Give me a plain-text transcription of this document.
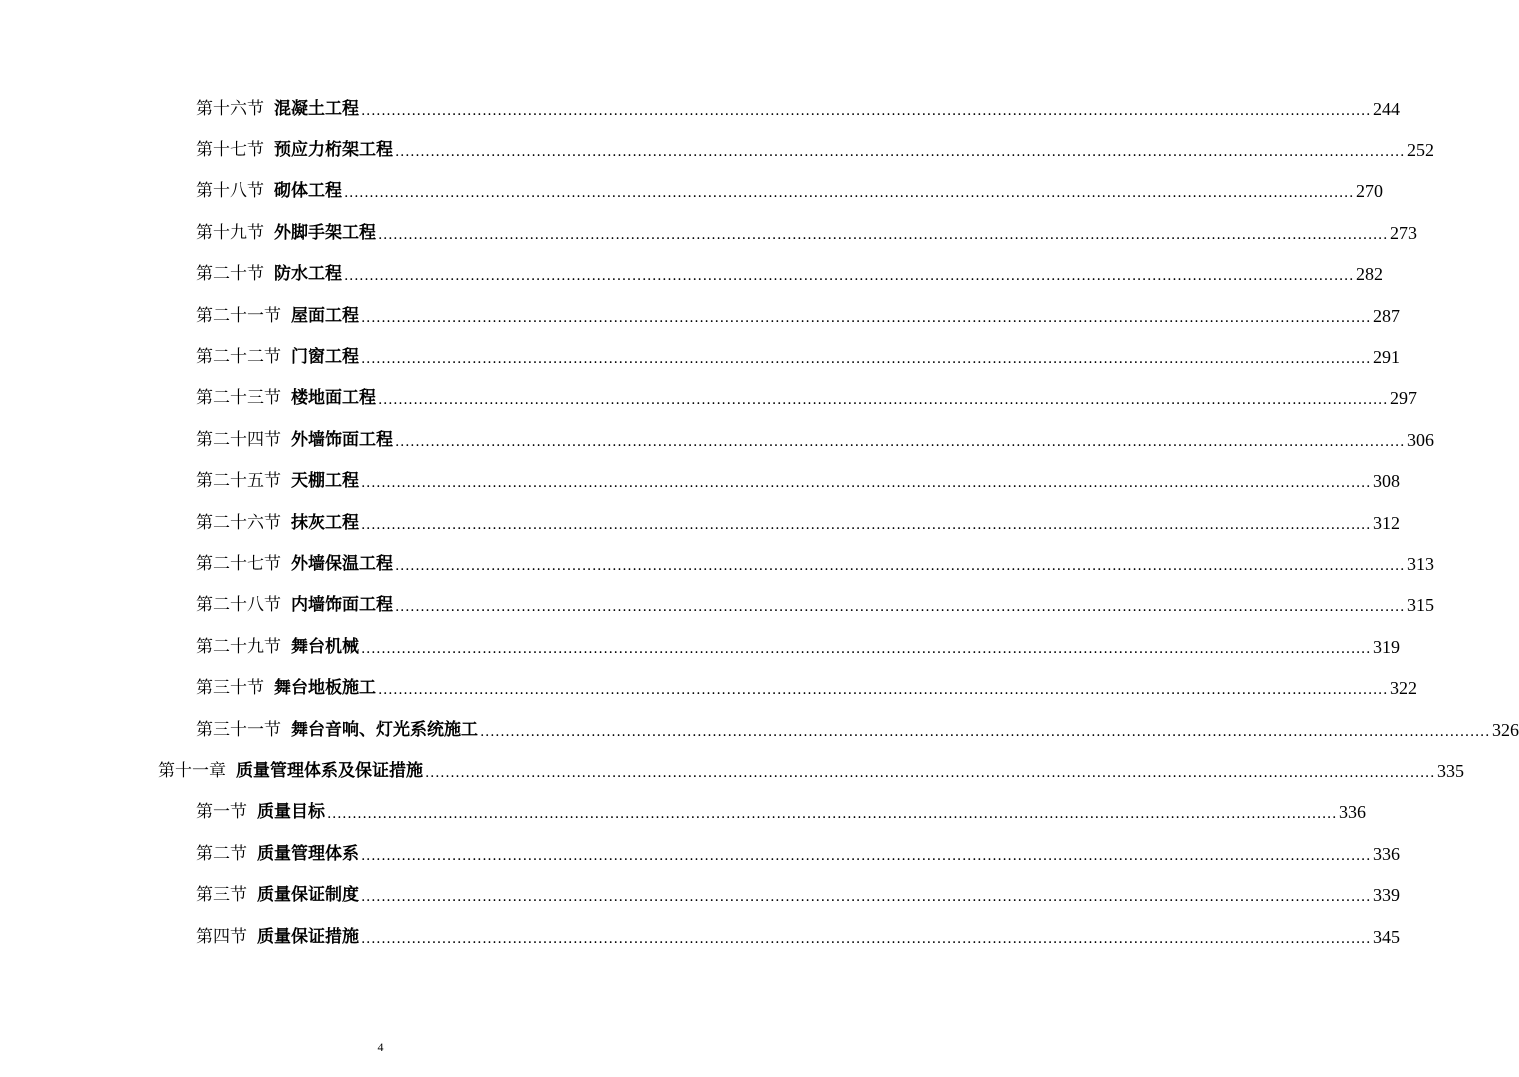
第十六节 混凝土工程 ........................................................................................................................................................................................................ 244
第十七节 预应力桁架工程 ........................................................................................................................................................................................................ 252
第十八节 砌体工程 ........................................................................................................................................................................................................ 270
第十九节 外脚手架工程 ........................................................................................................................................................................................................ 273
第二十节 防水工程 ........................................................................................................................................................................................................ 282
第二十一节 屋面工程 ........................................................................................................................................................................................................ 287
第二十二节 门窗工程 ........................................................................................................................................................................................................ 291
第二十三节 楼地面工程 ........................................................................................................................................................................................................ 297
第二十四节 外墙饰面工程 ........................................................................................................................................................................................................ 306
第二十五节 天棚工程 ........................................................................................................................................................................................................ 308
第二十六节 抹灰工程 ........................................................................................................................................................................................................ 312
第二十七节 外墙保温工程 ........................................................................................................................................................................................................ 313
第二十八节 内墙饰面工程 ........................................................................................................................................................................................................ 315
第二十九节 舞台机械 ........................................................................................................................................................................................................ 319
第三十节 舞台地板施工 ........................................................................................................................................................................................................ 322
第三十一节 舞台音响、灯光系统施工 ........................................................................................................................................................................................................ 326
第十一章 质量管理体系及保证措施 ........................................................................................................................................................................................................ 335
第一节 质量目标 ........................................................................................................................................................................................................ 336
第二节 质量管理体系 ........................................................................................................................................................................................................ 336
第三节 质量保证制度 ........................................................................................................................................................................................................ 339
第四节 质量保证措施 ........................................................................................................................................................................................................ 345
4
